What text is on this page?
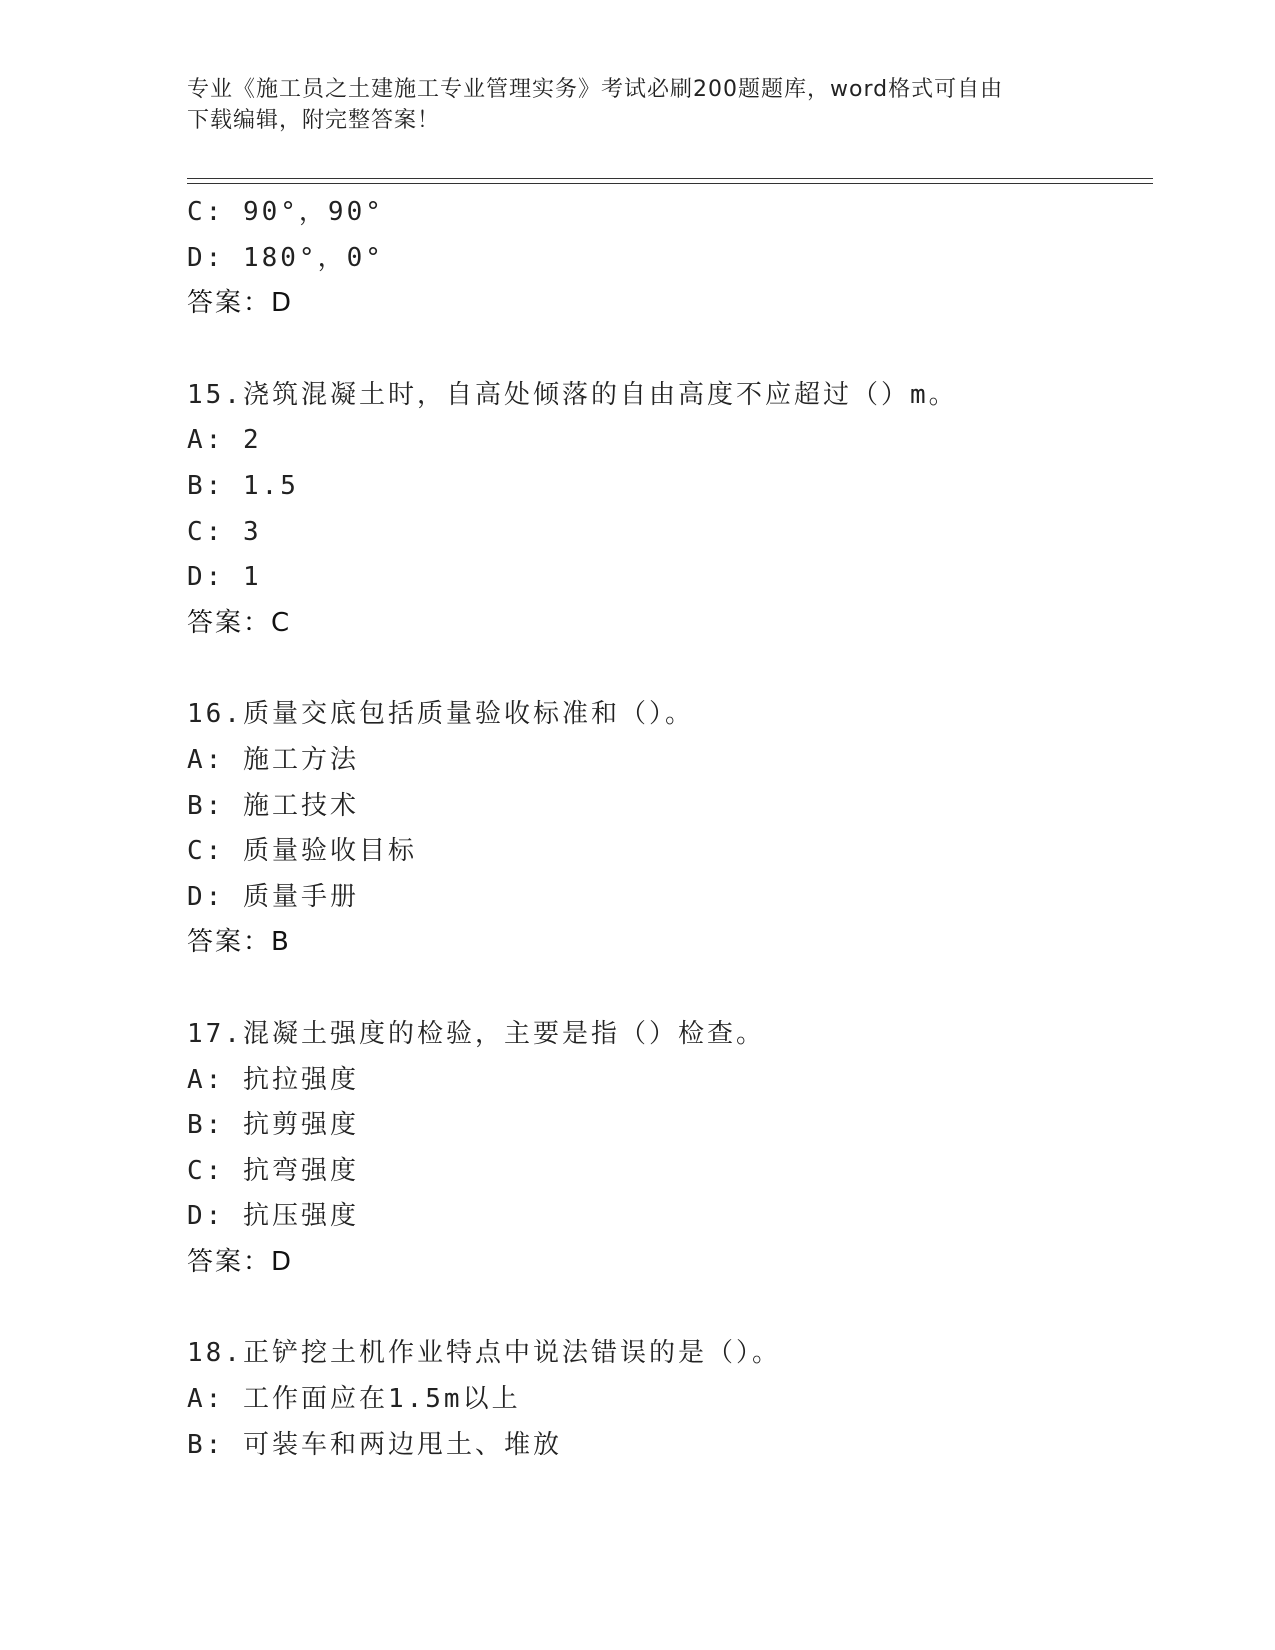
专业《施工员之土建施工专业管理实务》考试必刷200题题库，word格式可自由
下载编辑，附完整答案！
C: 90°，90°
D: 180°，0°
答案：D
15.浇筑混凝土时，自高处倾落的自由高度不应超过（）m。
A: 2
B: 1.5
C: 3
D: 1
答案：C
16.质量交底包括质量验收标准和（）。
A: 施工方法
B: 施工技术
C: 质量验收目标
D: 质量手册
答案：B
17.混凝土强度的检验，主要是指（）检查。
A: 抗拉强度
B: 抗剪强度
C: 抗弯强度
D: 抗压强度
答案：D
18.正铲挖土机作业特点中说法错误的是（）。
A: 工作面应在1.5m以上
B: 可装车和两边甩土、堆放
